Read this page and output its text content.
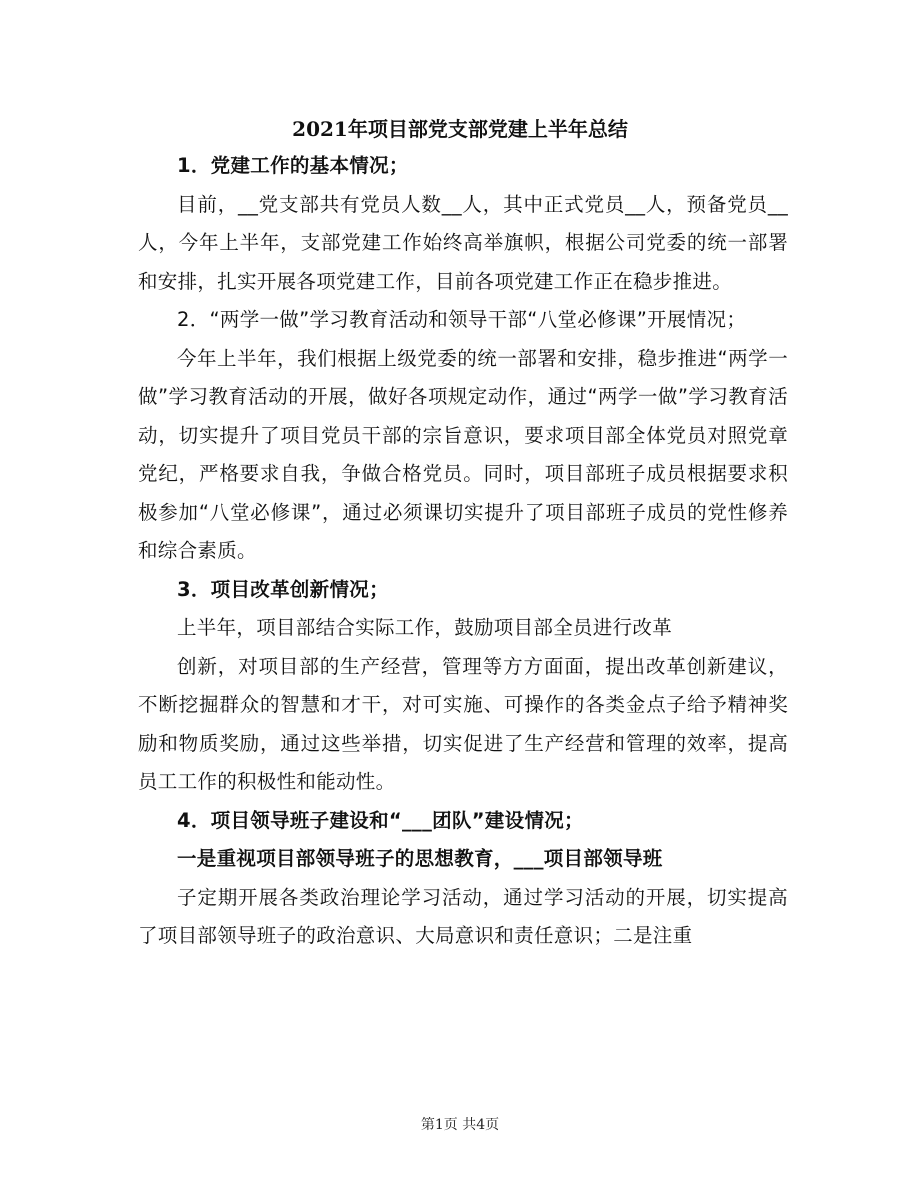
2021年项目部党支部党建上半年总结

1．党建工作的基本情况；

目前，__党支部共有党员人数__人，其中正式党员__人，预备党员__人，今年上半年，支部党建工作始终高举旗帜，根据公司党委的统一部署和安排，扎实开展各项党建工作，目前各项党建工作正在稳步推进。

2．“两学一做”学习教育活动和领导干部“八堂必修课”开展情况；

今年上半年，我们根据上级党委的统一部署和安排，稳步推进“两学一做”学习教育活动的开展，做好各项规定动作，通过“两学一做”学习教育活动，切实提升了项目党员干部的宗旨意识，要求项目部全体党员对照党章党纪，严格要求自我，争做合格党员。同时，项目部班子成员根据要求积极参加“八堂必修课”，通过必须课切实提升了项目部班子成员的党性修养和综合素质。

3．项目改革创新情况；

上半年，项目部结合实际工作，鼓励项目部全员进行改革

创新，对项目部的生产经营，管理等方方面面，提出改革创新建议，不断挖掘群众的智慧和才干，对可实施、可操作的各类金点子给予精神奖励和物质奖励，通过这些举措，切实促进了生产经营和管理的效率，提高员工工作的积极性和能动性。

4．项目领导班子建设和“___团队”建设情况；

一是重视项目部领导班子的思想教育，___项目部领导班

子定期开展各类政治理论学习活动，通过学习活动的开展，切实提高了项目部领导班子的政治意识、大局意识和责任意识；二是注重

第1页 共4页
